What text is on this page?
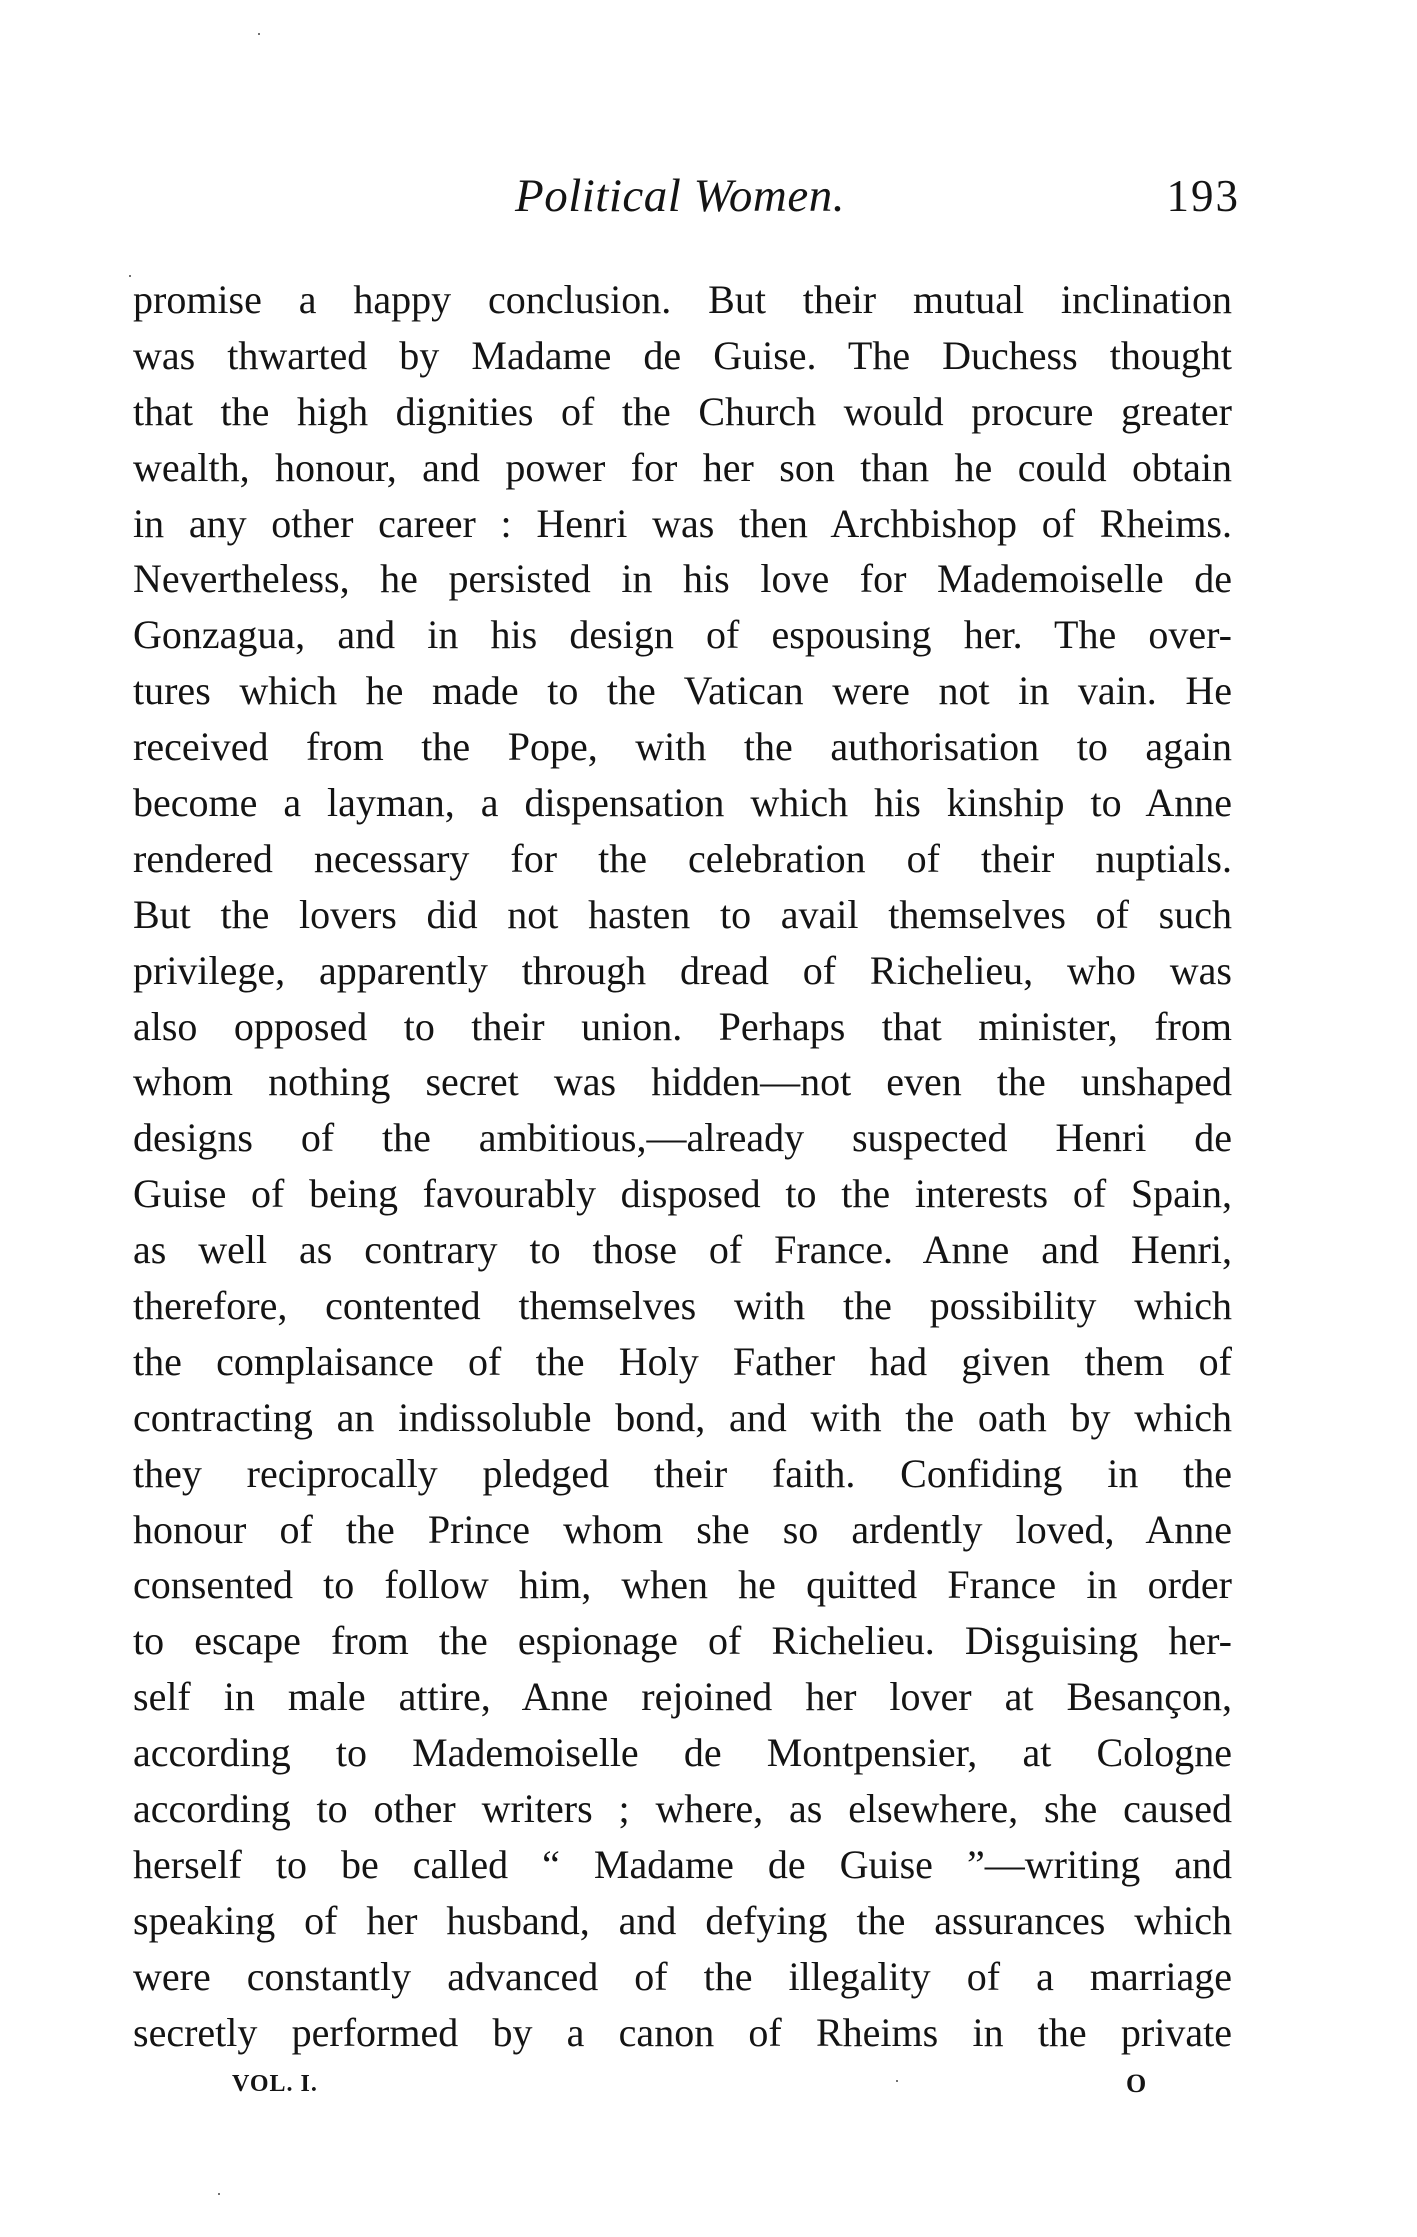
Political Women.	193
promise a happy conclusion. But their mutual inclination
was thwarted by Madame de Guise. The Duchess thought
that the high dignities of the Church would procure greater
wealth, honour, and power for her son than he could obtain
in any other career : Henri was then Archbishop of Rheims.
Nevertheless, he persisted in his love for Mademoiselle de
Gonzagua, and in his design of espousing her. The over-
tures which he made to the Vatican were not in vain. He
received from the Pope, with the authorisation to again
become a layman, a dispensation which his kinship to Anne
rendered necessary for the celebration of their nuptials.
But the lovers did not hasten to avail themselves of such
privilege, apparently through dread of Richelieu, who was
also opposed to their union. Perhaps that minister, from
whom nothing secret was hidden—not even the unshaped
designs of the ambitious,—already suspected Henri de
Guise of being favourably disposed to the interests of Spain,
as well as contrary to those of France. Anne and Henri,
therefore, contented themselves with the possibility which
the complaisance of the Holy Father had given them of
contracting an indissoluble bond, and with the oath by which
they reciprocally pledged their faith. Confiding in the
honour of the Prince whom she so ardently loved, Anne
consented to follow him, when he quitted France in order
to escape from the espionage of Richelieu. Disguising her-
self in male attire, Anne rejoined her lover at Besançon,
according to Mademoiselle de Montpensier, at Cologne
according to other writers ; where, as elsewhere, she caused
herself to be called “ Madame de Guise ”—writing and
speaking of her husband, and defying the assurances which
were constantly advanced of the illegality of a marriage
secretly performed by a canon of Rheims in the private
VOL. I.	O
